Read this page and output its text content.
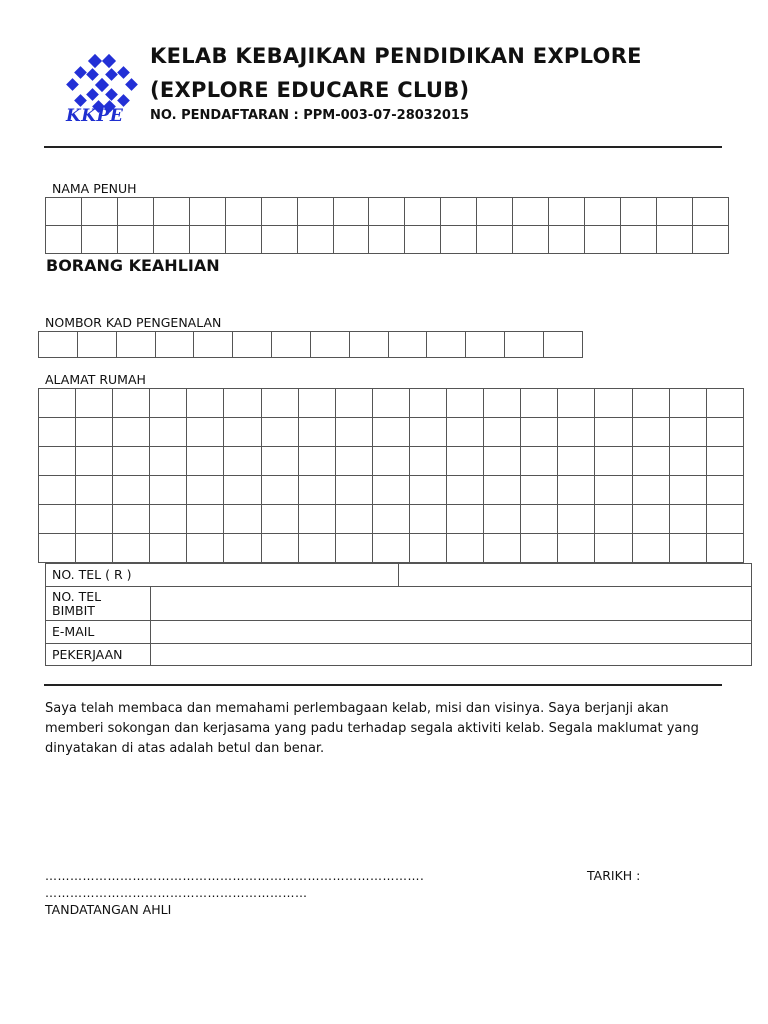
KKPE
KELAB KEBAJIKAN PENDIDIKAN EXPLORE
(EXPLORE EDUCARE CLUB)
NO. PENDAFTARAN : PPM-003-07-28032015
NAMA PENUH

BORANG KEAHLIAN
NOMBOR KAD PENGENALAN

ALAMAT RUMAH

NO. TEL ( R )		
NO. TEL
BIMBIT		
E-MAIL		
PEKERJAAN		
Saya telah membaca dan memahami perlembagaan kelab, misi dan visinya. Saya berjanji akan memberi sokongan dan kerjasama yang padu terhadap segala aktiviti kelab. Segala maklumat yang dinyatakan di atas adalah betul dan benar.
……………………………………………………………………………….	TARIKH :
………………………………………………………
TANDATANGAN AHLI
